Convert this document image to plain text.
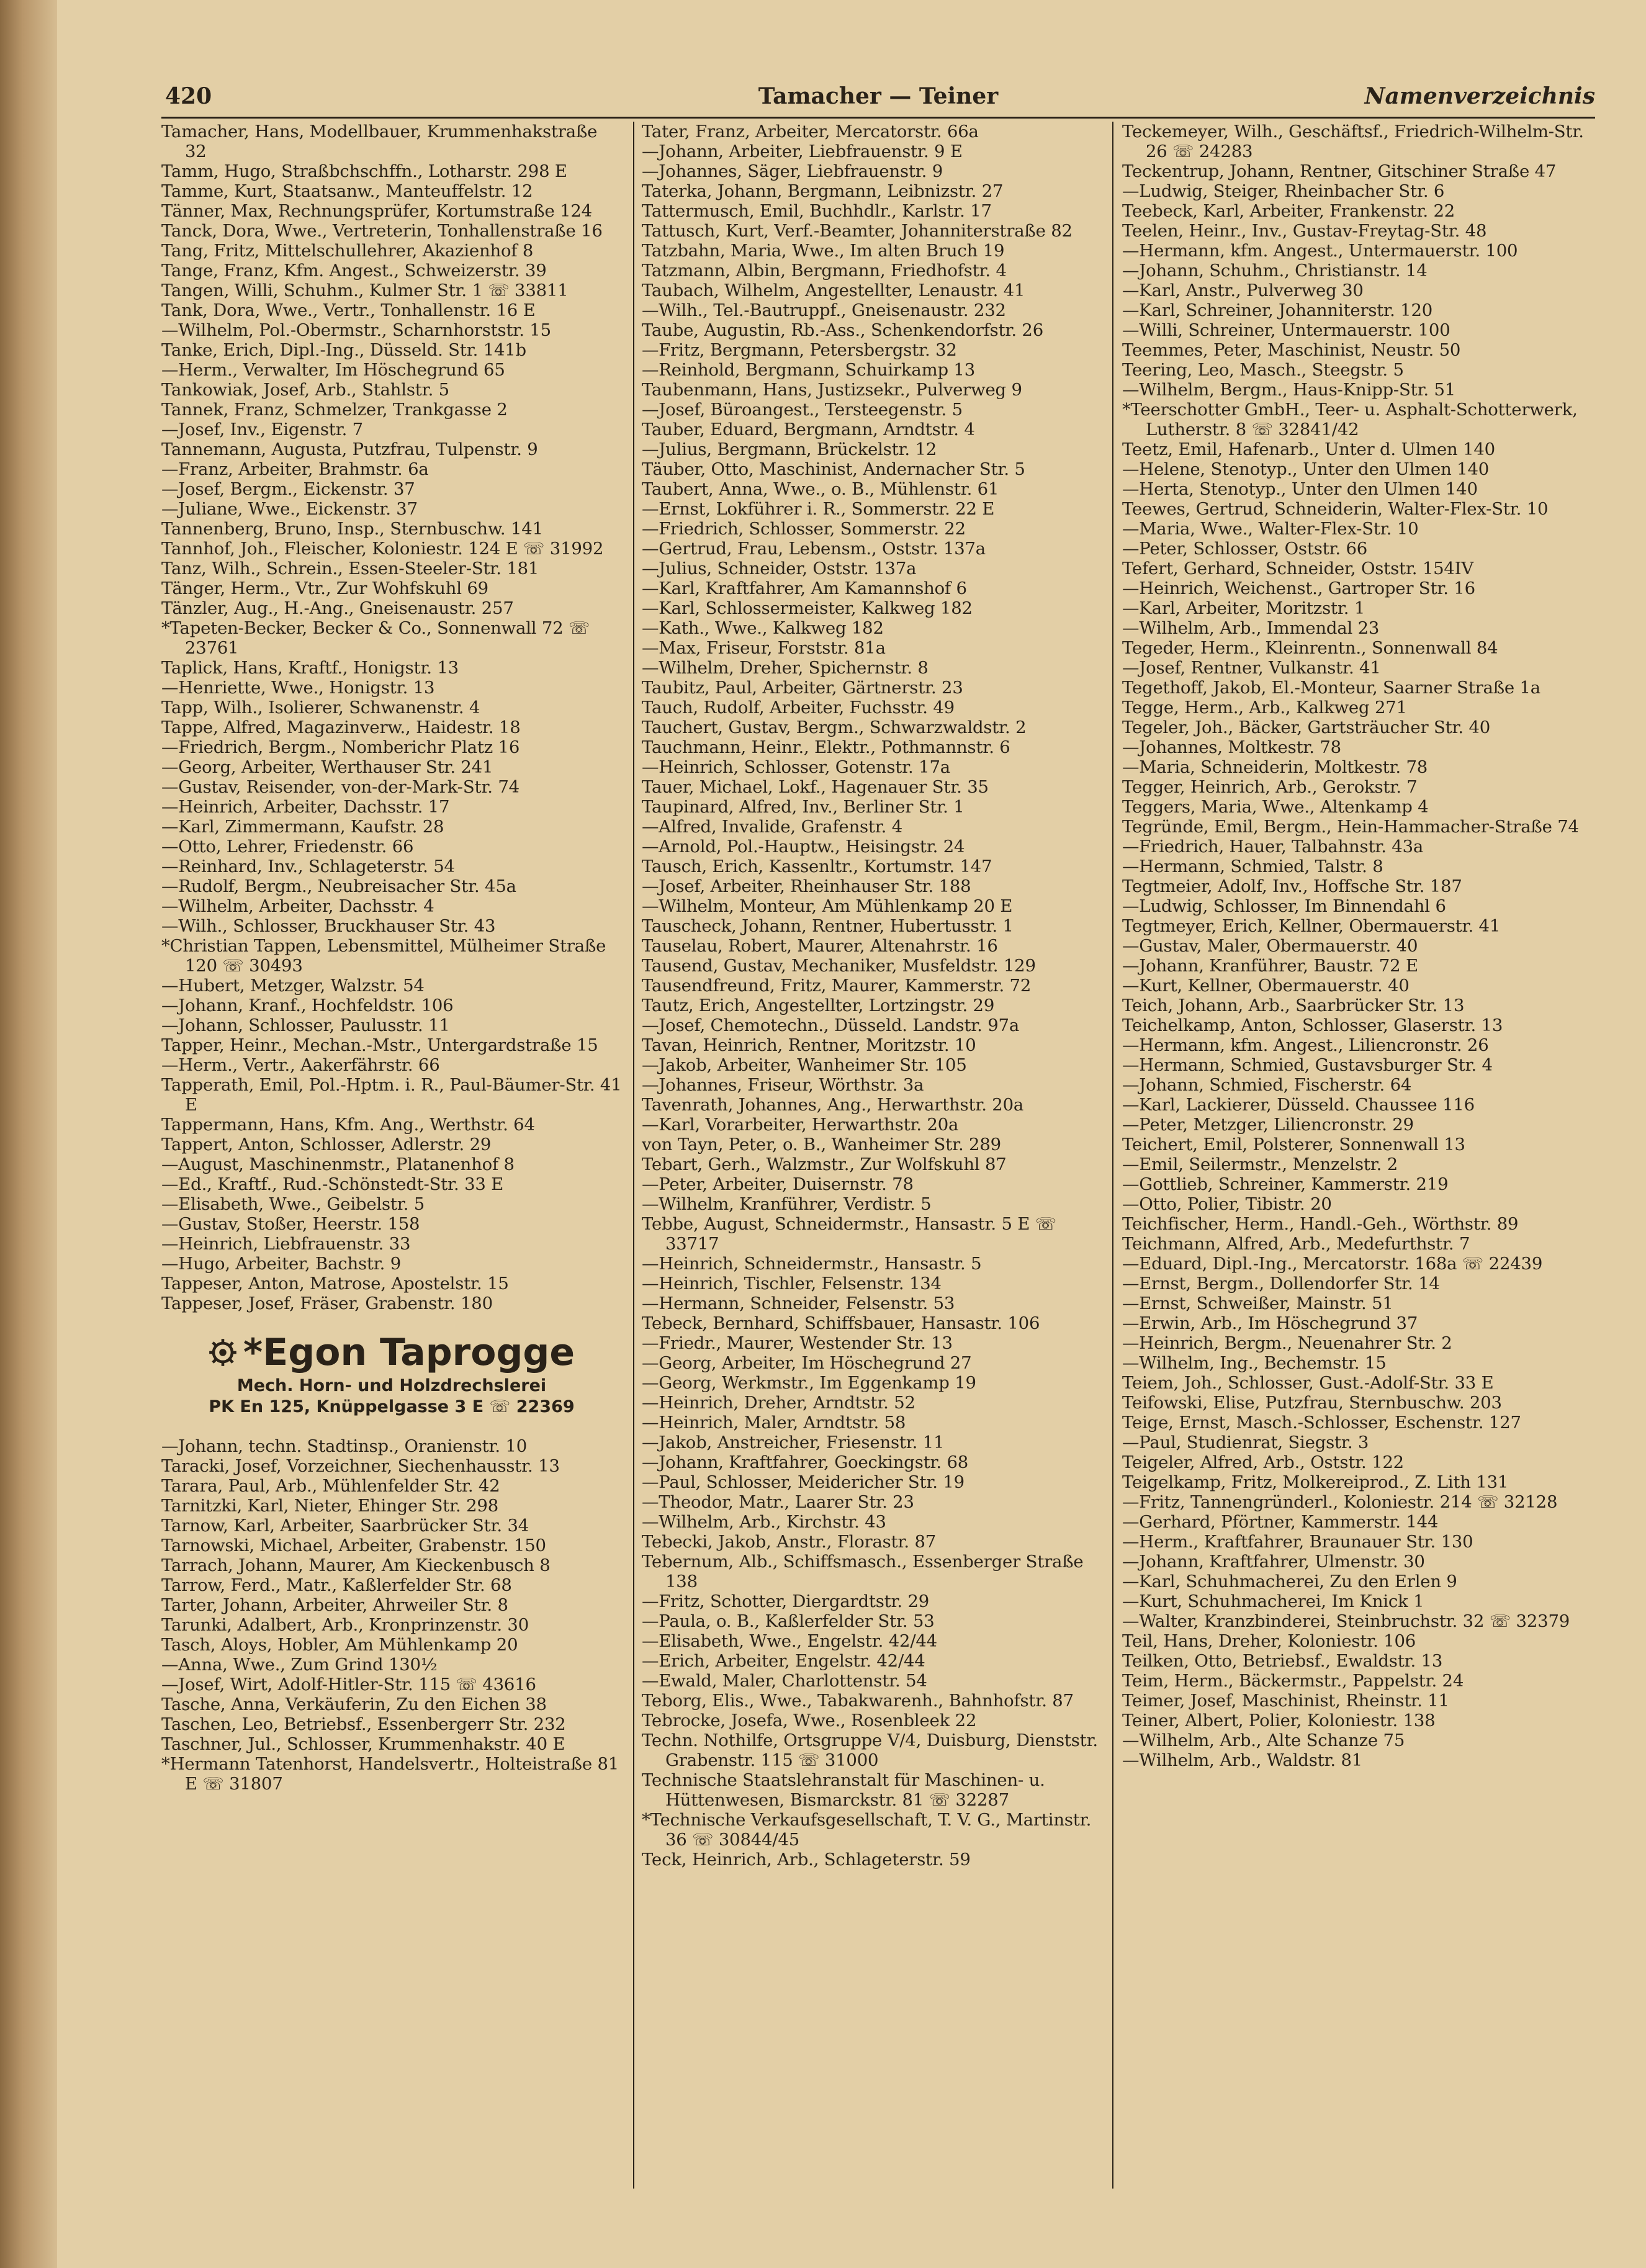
420	Tamacher — Teiner	Namenverzeichnis
Tamacher, Hans, Modellbauer, Krummenhakstraße 32
Tamm, Hugo, Straßbchschffn., Lotharstr. 298 E
Tamme, Kurt, Staatsanw., Manteuffelstr. 12
Tänner, Max, Rechnungsprüfer, Kortumstraße 124
Tanck, Dora, Wwe., Vertreterin, Tonhallenstraße 16
Tang, Fritz, Mittelschullehrer, Akazienhof 8
Tange, Franz, Kfm. Angest., Schweizerstr. 39
Tangen, Willi, Schuhm., Kulmer Str. 1 ☏ 33811
Tank, Dora, Wwe., Vertr., Tonhallenstr. 16 E
—Wilhelm, Pol.-Obermstr., Scharnhorststr. 15
Tanke, Erich, Dipl.-Ing., Düsseld. Str. 141b
—Herm., Verwalter, Im Höschegrund 65
Tankowiak, Josef, Arb., Stahlstr. 5
Tannek, Franz, Schmelzer, Trankgasse 2
—Josef, Inv., Eigenstr. 7
Tannemann, Augusta, Putzfrau, Tulpenstr. 9
—Franz, Arbeiter, Brahmstr. 6a
—Josef, Bergm., Eickenstr. 37
—Juliane, Wwe., Eickenstr. 37
Tannenberg, Bruno, Insp., Sternbuschw. 141
Tannhof, Joh., Fleischer, Koloniestr. 124 E ☏ 31992
Tanz, Wilh., Schrein., Essen-Steeler-Str. 181
Tänger, Herm., Vtr., Zur Wohfskuhl 69
Tänzler, Aug., H.-Ang., Gneisenaustr. 257
*Tapeten-Becker, Becker & Co., Sonnenwall 72 ☏ 23761
Taplick, Hans, Kraftf., Honigstr. 13
—Henriette, Wwe., Honigstr. 13
Tapp, Wilh., Isolierer, Schwanenstr. 4
Tappe, Alfred, Magazinverw., Haidestr. 18
—Friedrich, Bergm., Nomberichr Platz 16
—Georg, Arbeiter, Werthauser Str. 241
—Gustav, Reisender, von-der-Mark-Str. 74
—Heinrich, Arbeiter, Dachsstr. 17
—Karl, Zimmermann, Kaufstr. 28
—Otto, Lehrer, Friedenstr. 66
—Reinhard, Inv., Schlageterstr. 54
—Rudolf, Bergm., Neubreisacher Str. 45a
—Wilhelm, Arbeiter, Dachsstr. 4
—Wilh., Schlosser, Bruckhauser Str. 43
*Christian Tappen, Lebensmittel, Mülheimer Straße 120 ☏ 30493
—Hubert, Metzger, Walzstr. 54
—Johann, Kranf., Hochfeldstr. 106
—Johann, Schlosser, Paulusstr. 11
Tapper, Heinr., Mechan.-Mstr., Untergardstraße 15
—Herm., Vertr., Aakerfährstr. 66
Tapperath, Emil, Pol.-Hptm. i. R., Paul-Bäumer-Str. 41 E
Tappermann, Hans, Kfm. Ang., Werthstr. 64
Tappert, Anton, Schlosser, Adlerstr. 29
—August, Maschinenmstr., Platanenhof 8
—Ed., Kraftf., Rud.-Schönstedt-Str. 33 E
—Elisabeth, Wwe., Geibelstr. 5
—Gustav, Stoßer, Heerstr. 158
—Heinrich, Liebfrauenstr. 33
—Hugo, Arbeiter, Bachstr. 9
Tappeser, Anton, Matrose, Apostelstr. 15
Tappeser, Josef, Fräser, Grabenstr. 180
*Egon Taprogge
Mech. Horn- und Holzdrechslerei
PK En 125, Knüppelgasse 3 E ☏ 22369
—Johann, techn. Stadtinsp., Oranienstr. 10
Taracki, Josef, Vorzeichner, Siechenhausstr. 13
Tarara, Paul, Arb., Mühlenfelder Str. 42
Tarnitzki, Karl, Nieter, Ehinger Str. 298
Tarnow, Karl, Arbeiter, Saarbrücker Str. 34
Tarnowski, Michael, Arbeiter, Grabenstr. 150
Tarrach, Johann, Maurer, Am Kieckenbusch 8
Tarrow, Ferd., Matr., Kaßlerfelder Str. 68
Tarter, Johann, Arbeiter, Ahrweiler Str. 8
Tarunki, Adalbert, Arb., Kronprinzenstr. 30
Tasch, Aloys, Hobler, Am Mühlenkamp 20
—Anna, Wwe., Zum Grind 130½
—Josef, Wirt, Adolf-Hitler-Str. 115 ☏ 43616
Tasche, Anna, Verkäuferin, Zu den Eichen 38
Taschen, Leo, Betriebsf., Essenbergerr Str. 232
Taschner, Jul., Schlosser, Krummenhakstr. 40 E
*Hermann Tatenhorst, Handelsvertr., Holteistraße 81 E ☏ 31807
Tater, Franz, Arbeiter, Mercatorstr. 66a
—Johann, Arbeiter, Liebfrauenstr. 9 E
—Johannes, Säger, Liebfrauenstr. 9
Taterka, Johann, Bergmann, Leibnizstr. 27
Tattermusch, Emil, Buchhdlr., Karlstr. 17
Tattusch, Kurt, Verf.-Beamter, Johanniterstraße 82
Tatzbahn, Maria, Wwe., Im alten Bruch 19
Tatzmann, Albin, Bergmann, Friedhofstr. 4
Taubach, Wilhelm, Angestellter, Lenaustr. 41
—Wilh., Tel.-Bautruppf., Gneisenaustr. 232
Taube, Augustin, Rb.-Ass., Schenkendorfstr. 26
—Fritz, Bergmann, Petersbergstr. 32
—Reinhold, Bergmann, Schuirkamp 13
Taubenmann, Hans, Justizsekr., Pulverweg 9
—Josef, Büroangest., Tersteegenstr. 5
Tauber, Eduard, Bergmann, Arndtstr. 4
—Julius, Bergmann, Brückelstr. 12
Täuber, Otto, Maschinist, Andernacher Str. 5
Taubert, Anna, Wwe., o. B., Mühlenstr. 61
—Ernst, Lokführer i. R., Sommerstr. 22 E
—Friedrich, Schlosser, Sommerstr. 22
—Gertrud, Frau, Lebensm., Oststr. 137a
—Julius, Schneider, Oststr. 137a
—Karl, Kraftfahrer, Am Kamannshof 6
—Karl, Schlossermeister, Kalkweg 182
—Kath., Wwe., Kalkweg 182
—Max, Friseur, Forststr. 81a
—Wilhelm, Dreher, Spichernstr. 8
Taubitz, Paul, Arbeiter, Gärtnerstr. 23
Tauch, Rudolf, Arbeiter, Fuchsstr. 49
Tauchert, Gustav, Bergm., Schwarzwaldstr. 2
Tauchmann, Heinr., Elektr., Pothmannstr. 6
—Heinrich, Schlosser, Gotenstr. 17a
Tauer, Michael, Lokf., Hagenauer Str. 35
Taupinard, Alfred, Inv., Berliner Str. 1
—Alfred, Invalide, Grafenstr. 4
—Arnold, Pol.-Hauptw., Heisingstr. 24
Tausch, Erich, Kassenltr., Kortumstr. 147
—Josef, Arbeiter, Rheinhauser Str. 188
—Wilhelm, Monteur, Am Mühlenkamp 20 E
Tauscheck, Johann, Rentner, Hubertusstr. 1
Tauselau, Robert, Maurer, Altenahrstr. 16
Tausend, Gustav, Mechaniker, Musfeldstr. 129
Tausendfreund, Fritz, Maurer, Kammerstr. 72
Tautz, Erich, Angestellter, Lortzingstr. 29
—Josef, Chemotechn., Düsseld. Landstr. 97a
Tavan, Heinrich, Rentner, Moritzstr. 10
—Jakob, Arbeiter, Wanheimer Str. 105
—Johannes, Friseur, Wörthstr. 3a
Tavenrath, Johannes, Ang., Herwarthstr. 20a
—Karl, Vorarbeiter, Herwarthstr. 20a
von Tayn, Peter, o. B., Wanheimer Str. 289
Tebart, Gerh., Walzmstr., Zur Wolfskuhl 87
—Peter, Arbeiter, Duisernstr. 78
—Wilhelm, Kranführer, Verdistr. 5
Tebbe, August, Schneidermstr., Hansastr. 5 E ☏ 33717
—Heinrich, Schneidermstr., Hansastr. 5
—Heinrich, Tischler, Felsenstr. 134
—Hermann, Schneider, Felsenstr. 53
Tebeck, Bernhard, Schiffsbauer, Hansastr. 106
—Friedr., Maurer, Westender Str. 13
—Georg, Arbeiter, Im Höschegrund 27
—Georg, Werkmstr., Im Eggenkamp 19
—Heinrich, Dreher, Arndtstr. 52
—Heinrich, Maler, Arndtstr. 58
—Jakob, Anstreicher, Friesenstr. 11
—Johann, Kraftfahrer, Goeckingstr. 68
—Paul, Schlosser, Meidericher Str. 19
—Theodor, Matr., Laarer Str. 23
—Wilhelm, Arb., Kirchstr. 43
Tebecki, Jakob, Anstr., Florastr. 87
Tebernum, Alb., Schiffsmasch., Essenberger Straße 138
—Fritz, Schotter, Diergardtstr. 29
—Paula, o. B., Kaßlerfelder Str. 53
—Elisabeth, Wwe., Engelstr. 42/44
—Erich, Arbeiter, Engelstr. 42/44
—Ewald, Maler, Charlottenstr. 54
Teborg, Elis., Wwe., Tabakwarenh., Bahnhofstr. 87
Tebrocke, Josefa, Wwe., Rosenbleek 22
Techn. Nothilfe, Ortsgruppe V/4, Duisburg, Dienststr. Grabenstr. 115 ☏ 31000
Technische Staatslehranstalt für Maschinen- u. Hüttenwesen, Bismarckstr. 81 ☏ 32287
*Technische Verkaufsgesellschaft, T. V. G., Martinstr. 36 ☏ 30844/45
Teck, Heinrich, Arb., Schlageterstr. 59
Teckemeyer, Wilh., Geschäftsf., Friedrich-Wilhelm-Str. 26 ☏ 24283
Teckentrup, Johann, Rentner, Gitschiner Straße 47
—Ludwig, Steiger, Rheinbacher Str. 6
Teebeck, Karl, Arbeiter, Frankenstr. 22
Teelen, Heinr., Inv., Gustav-Freytag-Str. 48
—Hermann, kfm. Angest., Untermauerstr. 100
—Johann, Schuhm., Christianstr. 14
—Karl, Anstr., Pulverweg 30
—Karl, Schreiner, Johanniterstr. 120
—Willi, Schreiner, Untermauerstr. 100
Teemmes, Peter, Maschinist, Neustr. 50
Teering, Leo, Masch., Steegstr. 5
—Wilhelm, Bergm., Haus-Knipp-Str. 51
*Teerschotter GmbH., Teer- u. Asphalt-Schotterwerk, Lutherstr. 8 ☏ 32841/42
Teetz, Emil, Hafenarb., Unter d. Ulmen 140
—Helene, Stenotyp., Unter den Ulmen 140
—Herta, Stenotyp., Unter den Ulmen 140
Teewes, Gertrud, Schneiderin, Walter-Flex-Str. 10
—Maria, Wwe., Walter-Flex-Str. 10
—Peter, Schlosser, Oststr. 66
Tefert, Gerhard, Schneider, Oststr. 154IV
—Heinrich, Weichenst., Gartroper Str. 16
—Karl, Arbeiter, Moritzstr. 1
—Wilhelm, Arb., Immendal 23
Tegeder, Herm., Kleinrentn., Sonnenwall 84
—Josef, Rentner, Vulkanstr. 41
Tegethoff, Jakob, El.-Monteur, Saarner Straße 1a
Tegge, Herm., Arb., Kalkweg 271
Tegeler, Joh., Bäcker, Gartsträucher Str. 40
—Johannes, Moltkestr. 78
—Maria, Schneiderin, Moltkestr. 78
Tegger, Heinrich, Arb., Gerokstr. 7
Teggers, Maria, Wwe., Altenkamp 4
Tegründe, Emil, Bergm., Hein-Hammacher-Straße 74
—Friedrich, Hauer, Talbahnstr. 43a
—Hermann, Schmied, Talstr. 8
Tegtmeier, Adolf, Inv., Hoffsche Str. 187
—Ludwig, Schlosser, Im Binnendahl 6
Tegtmeyer, Erich, Kellner, Obermauerstr. 41
—Gustav, Maler, Obermauerstr. 40
—Johann, Kranführer, Baustr. 72 E
—Kurt, Kellner, Obermauerstr. 40
Teich, Johann, Arb., Saarbrücker Str. 13
Teichelkamp, Anton, Schlosser, Glaserstr. 13
—Hermann, kfm. Angest., Liliencronstr. 26
—Hermann, Schmied, Gustavsburger Str. 4
—Johann, Schmied, Fischerstr. 64
—Karl, Lackierer, Düsseld. Chaussee 116
—Peter, Metzger, Liliencronstr. 29
Teichert, Emil, Polsterer, Sonnenwall 13
—Emil, Seilermstr., Menzelstr. 2
—Gottlieb, Schreiner, Kammerstr. 219
—Otto, Polier, Tibistr. 20
Teichfischer, Herm., Handl.-Geh., Wörthstr. 89
Teichmann, Alfred, Arb., Medefurthstr. 7
—Eduard, Dipl.-Ing., Mercatorstr. 168a ☏ 22439
—Ernst, Bergm., Dollendorfer Str. 14
—Ernst, Schweißer, Mainstr. 51
—Erwin, Arb., Im Höschegrund 37
—Heinrich, Bergm., Neuenahrer Str. 2
—Wilhelm, Ing., Bechemstr. 15
Teiem, Joh., Schlosser, Gust.-Adolf-Str. 33 E
Teifowski, Elise, Putzfrau, Sternbuschw. 203
Teige, Ernst, Masch.-Schlosser, Eschenstr. 127
—Paul, Studienrat, Siegstr. 3
Teigeler, Alfred, Arb., Oststr. 122
Teigelkamp, Fritz, Molkereiprod., Z. Lith 131
—Fritz, Tannengründerl., Koloniestr. 214 ☏ 32128
—Gerhard, Pförtner, Kammerstr. 144
—Herm., Kraftfahrer, Braunauer Str. 130
—Johann, Kraftfahrer, Ulmenstr. 30
—Karl, Schuhmacherei, Zu den Erlen 9
—Kurt, Schuhmacherei, Im Knick 1
—Walter, Kranzbinderei, Steinbruchstr. 32 ☏ 32379
Teil, Hans, Dreher, Koloniestr. 106
Teilken, Otto, Betriebsf., Ewaldstr. 13
Teim, Herm., Bäckermstr., Pappelstr. 24
Teimer, Josef, Maschinist, Rheinstr. 11
Teiner, Albert, Polier, Koloniestr. 138
—Wilhelm, Arb., Alte Schanze 75
—Wilhelm, Arb., Waldstr. 81
